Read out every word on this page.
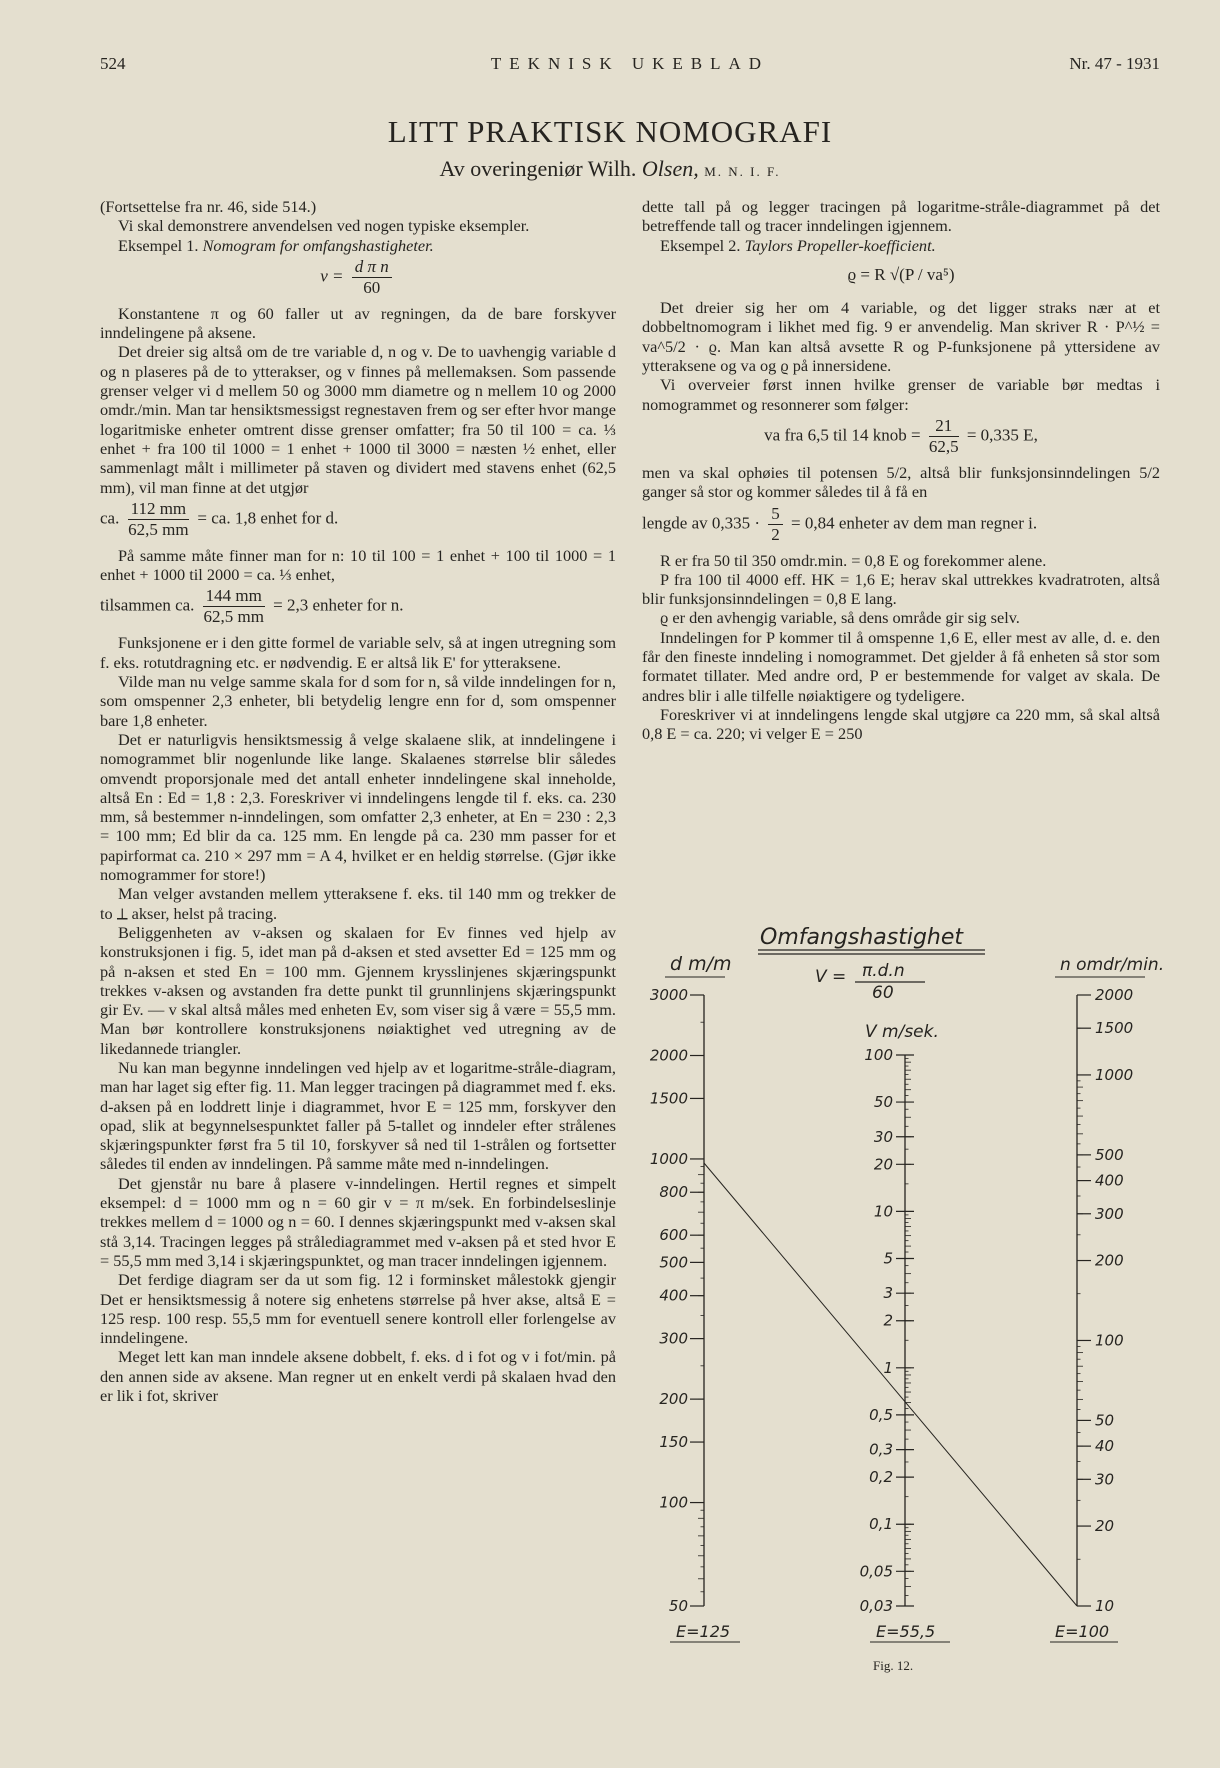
524	TEKNISK UKEBLAD	Nr. 47 - 1931
LITT PRAKTISK NOMOGRAFI
Av overingeniør Wilh. Olsen, M. N. I. F.

(Fortsettelse fra nr. 46, side 514.)

Vi skal demonstrere anvendelsen ved nogen typiske eksempler.

Eksempel 1. Nomogram for omfangshastigheter.

$v = \frac{\text{d π n}}{60}$

Konstantene π og 60 faller ut av regningen, da de bare forskyver inndelingene på aksene.

Det dreier sig altså om de tre variable d, n og v. De to uavhengig variable d og n plaseres på de to ytterakser, og v finnes på mellemaksen. Som passende grenser velger vi d mellem 50 og 3000 mm diametre og n mellem 10 og 2000 omdr./min. Man tar hensiktsmessigst regnestaven frem og ser efter hvor mange logaritmiske enheter omtrent disse grenser omfatter; fra 50 til 100 = ca. ⅓ enhet + fra 100 til 1000 = 1 enhet + 1000 til 3000 = næsten ½ enhet, eller sammenlagt målt i millimeter på staven og dividert med stavens enhet (62,5 mm), vil man finne at det utgjør

ca. $\frac{112 mm}{62,5 mm}$ = ca. 1,8 enhet for d.

På samme måte finner man for n: 10 til 100 = 1 enhet + 100 til 1000 = 1 enhet + 1000 til 2000 = ca. ⅓ enhet,

tilsammen ca. $\frac{144 mm}{62,5 mm} = 2,3$ enheter for n.

Funksjonene er i den gitte formel de variable selv, så at ingen utregning som f. eks. rotutdragning etc. er nødvendig. E er altså lik E' for ytteraksene.

Vilde man nu velge samme skala for d som for n, så vilde inndelingen for n, som omspenner 2,3 enheter, bli betydelig lengre enn for d, som omspenner bare 1,8 enheter.

Det er naturligvis hensiktsmessig å velge skalaene slik, at inndelingene i nomogrammet blir nogenlunde like lange. Skalaenes størrelse blir således omvendt proporsjonale med det antall enheter inndelingene skal inneholde, altså En : Ed = 1,8 : 2,3. Foreskriver vi inndelingens lengde til f. eks. ca. 230 mm, så bestemmer n-inndelingen, som omfatter 2,3 enheter, at En = 230 : 2,3 = 100 mm; Ed blir da ca. 125 mm. En lengde på ca. 230 mm passer for et papirformat ca. 210 × 297 mm = A 4, hvilket er en heldig størrelse. (Gjør ikke nomogrammer for store!)

Man velger avstanden mellem ytteraksene f. eks. til 140 mm og trekker de to ⟂ akser, helst på tracing.

Beliggenheten av v-aksen og skalaen for Ev finnes ved hjelp av konstruksjonen i fig. 5, idet man på d-aksen et sted avsetter Ed = 125 mm og på n-aksen et sted En = 100 mm. Gjennem krysslinjenes skjæringspunkt trekkes v-aksen og avstanden fra dette punkt til grunnlinjens skjæringspunkt gir Ev. — v skal altså måles med enheten Ev, som viser sig å være = 55,5 mm. Man bør kontrollere konstruksjonens nøiaktighet ved utregning av de likedannede triangler.

Nu kan man begynne inndelingen ved hjelp av et logaritme-stråle-diagram, man har laget sig efter fig. 11. Man legger tracingen på diagrammet med f. eks. d-aksen på en loddrett linje i diagrammet, hvor E = 125 mm, forskyver den opad, slik at begynnelsespunktet faller på 5-tallet og inndeler efter strålenes skjæringspunkter først fra 5 til 10, forskyver så ned til 1-strålen og fortsetter således til enden av inndelingen. På samme måte med n-inndelingen.

Det gjenstår nu bare å plasere v-inndelingen. Hertil regnes et simpelt eksempel: d = 1000 mm og n = 60 gir v = π m/sek. En forbindelseslinje trekkes mellem d = 1000 og n = 60. I dennes skjæringspunkt med v-aksen skal stå 3,14. Tracingen legges på strålediagrammet med v-aksen på et sted hvor E = 55,5 mm med 3,14 i skjæringspunktet, og man tracer inndelingen igjennem.

Det ferdige diagram ser da ut som fig. 12 i forminsket målestokk gjengir Det er hensiktsmessig å notere sig enhetens størrelse på hver akse, altså E = 125 resp. 100 resp. 55,5 mm for eventuell senere kontroll eller forlengelse av inndelingene.

Meget lett kan man inndele aksene dobbelt, f. eks. d i fot og v i fot/min. på den annen side av aksene. Man regner ut en enkelt verdi på skalaen hvad den er lik i fot, skriver

dette tall på og legger tracingen på logaritme-stråle-diagrammet på det betreffende tall og tracer inndelingen igjennem.

Eksempel 2. Taylors Propeller-koefficient.

ϱ = R √(P / va⁵)

Det dreier sig her om 4 variable, og det ligger straks nær at et dobbeltnomogram i likhet med fig. 9 er anvendelig. Man skriver R · P^½ = va^5/2 · ϱ. Man kan altså avsette R og P-funksjonene på yttersidene av ytteraksene og va og ϱ på innersidene.

Vi overveier først innen hvilke grenser de variable bør medtas i nomogrammet og resonnerer som følger:

va fra 6,5 til 14 knob = $\frac{21}{62,5} = 0,335$ E,

men va skal ophøies til potensen 5/2, altså blir funksjonsinndelingen 5/2 ganger så stor og kommer således til å få en

lengde av $0,335 \cdot \frac{5}{2} = 0,84$ enheter av dem man regner i.

R er fra 50 til 350 omdr.min. = 0,8 E og forekommer alene.

P fra 100 til 4000 eff. HK = 1,6 E; herav skal uttrekkes kvadratroten, altså blir funksjonsinndelingen = 0,8 E lang.

ϱ er den avhengig variable, så dens område gir sig selv.

Inndelingen for P kommer til å omspenne 1,6 E, eller mest av alle, d. e. den får den fineste inndeling i nomogrammet. Det gjelder å få enheten så stor som formatet tillater. Med andre ord, P er bestemmende for valget av skala. De andres blir i alle tilfelle nøiaktigere og tydeligere.

Foreskriver vi at inndelingens lengde skal utgjøre ca 220 mm, så skal altså 0,8 E = ca. 220; vi velger E = 250

Omfangshastighet
V = π.d.n
60
d m/m
V m/sek.
n omdr/min.
3000
2000
1500
1000
800
600
500
400
300
200
150
100
50
100
50
30
20
10
5
3
2
1
0,5
0,3
0,2
0,1
0,05
0,03
2000
1500
1000
500
400
300
200
100
50
40
30
20
10
E=125	E=55,5	E=100
Fig. 12.
